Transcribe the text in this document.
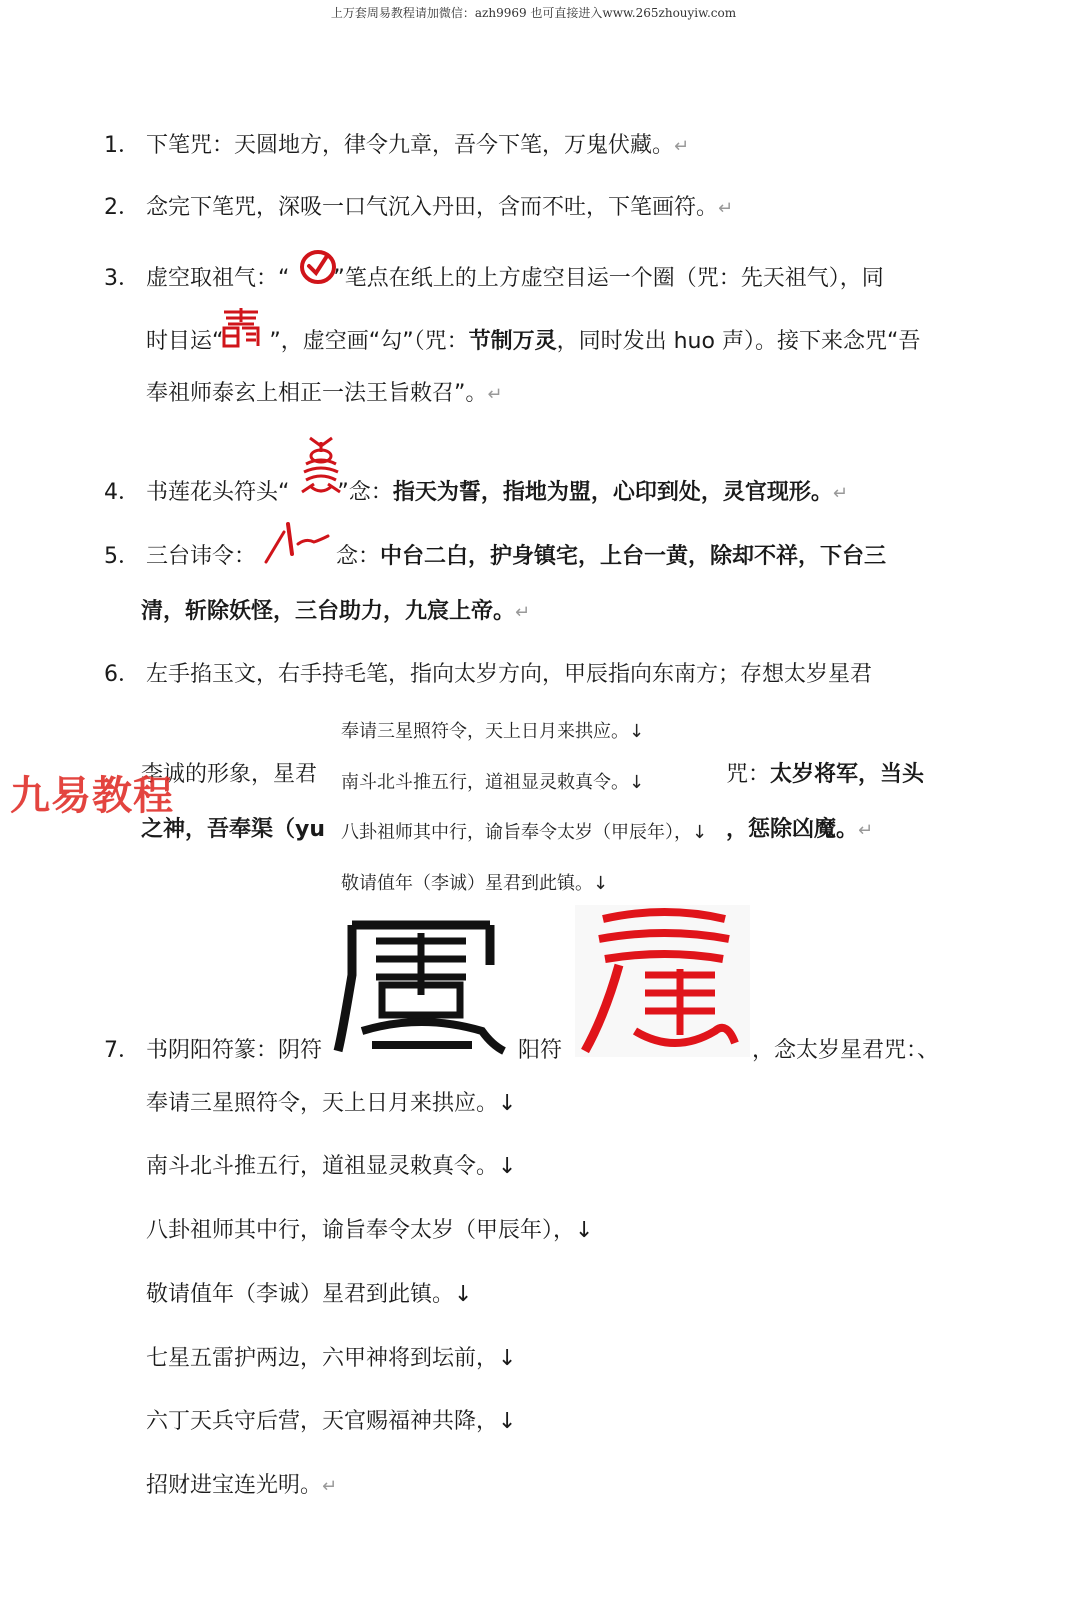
上万套周易教程请加微信：azh9969 也可直接进入www.265zhouyiw.com
1． 下笔咒：天圆地方，律令九章，吾今下笔，万鬼伏藏。↵
2． 念完下笔咒，深吸一口气沉入丹田，含而不吐，下笔画符。↵
3． 虚空取祖气：“ ”笔点在纸上的上方虚空目运一个圈（咒：先天祖气），同
时目运“ ”，虚空画“勾”（咒：节制万灵，同时发出 huo 声）。接下来念咒“吾
奉祖师泰玄上相正一法王旨敕召”。↵
4． 书莲花头符头“ ”念：指天为誓，指地为盟，心印到处，灵官现形。↵
5． 三台讳令：	念：中台二白，护身镇宅，上台一黄，除却不祥，下台三
清，斩除妖怪，三台助力，九宸上帝。↵
6． 左手掐玉文，右手持毛笔，指向太岁方向，甲辰指向东南方；存想太岁星君
李诚的形象，星君	咒：太岁将军，当头
之神，吾奉渠（yu	，惩除凶魔。↵
奉请三星照符令，天上日月来拱应。↓
南斗北斗推五行，道祖显灵敕真令。↓
八卦祖师其中行，谕旨奉令太岁（甲辰年），↓
敬请值年（李诚）星君到此镇。↓
九易教程
7． 书阴阳符篆：阴符	阳符	，念太岁星君咒：、
奉请三星照符令，天上日月来拱应。↓
南斗北斗推五行，道祖显灵敕真令。↓
八卦祖师其中行，谕旨奉令太岁（甲辰年），↓
敬请值年（李诚）星君到此镇。↓
七星五雷护两边，六甲神将到坛前，↓
六丁天兵守后营，天官赐福神共降，↓
招财进宝连光明。↵
